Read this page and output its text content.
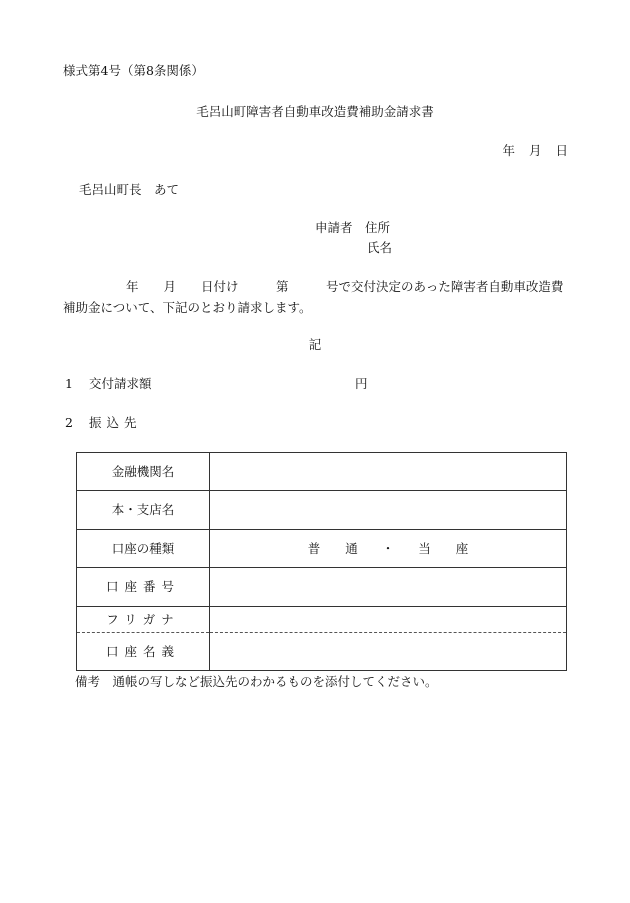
様式第4号（第8条関係）
毛呂山町障害者自動車改造費補助金請求書
年 月 日
毛呂山町長　あて
申請者　住所
氏名
年　　月　　日付け　　　第　　　号で交付決定のあった障害者自動車改造費
補助金について、下記のとおり請求します。
記
1 交付請求額	円
2 振込先
金融機関名	
本・支店名	
口座の種類	普　　通 ・ 当　　座
口座番号	
フリガナ	
口座名義	
備考　通帳の写しなど振込先のわかるものを添付してください。
